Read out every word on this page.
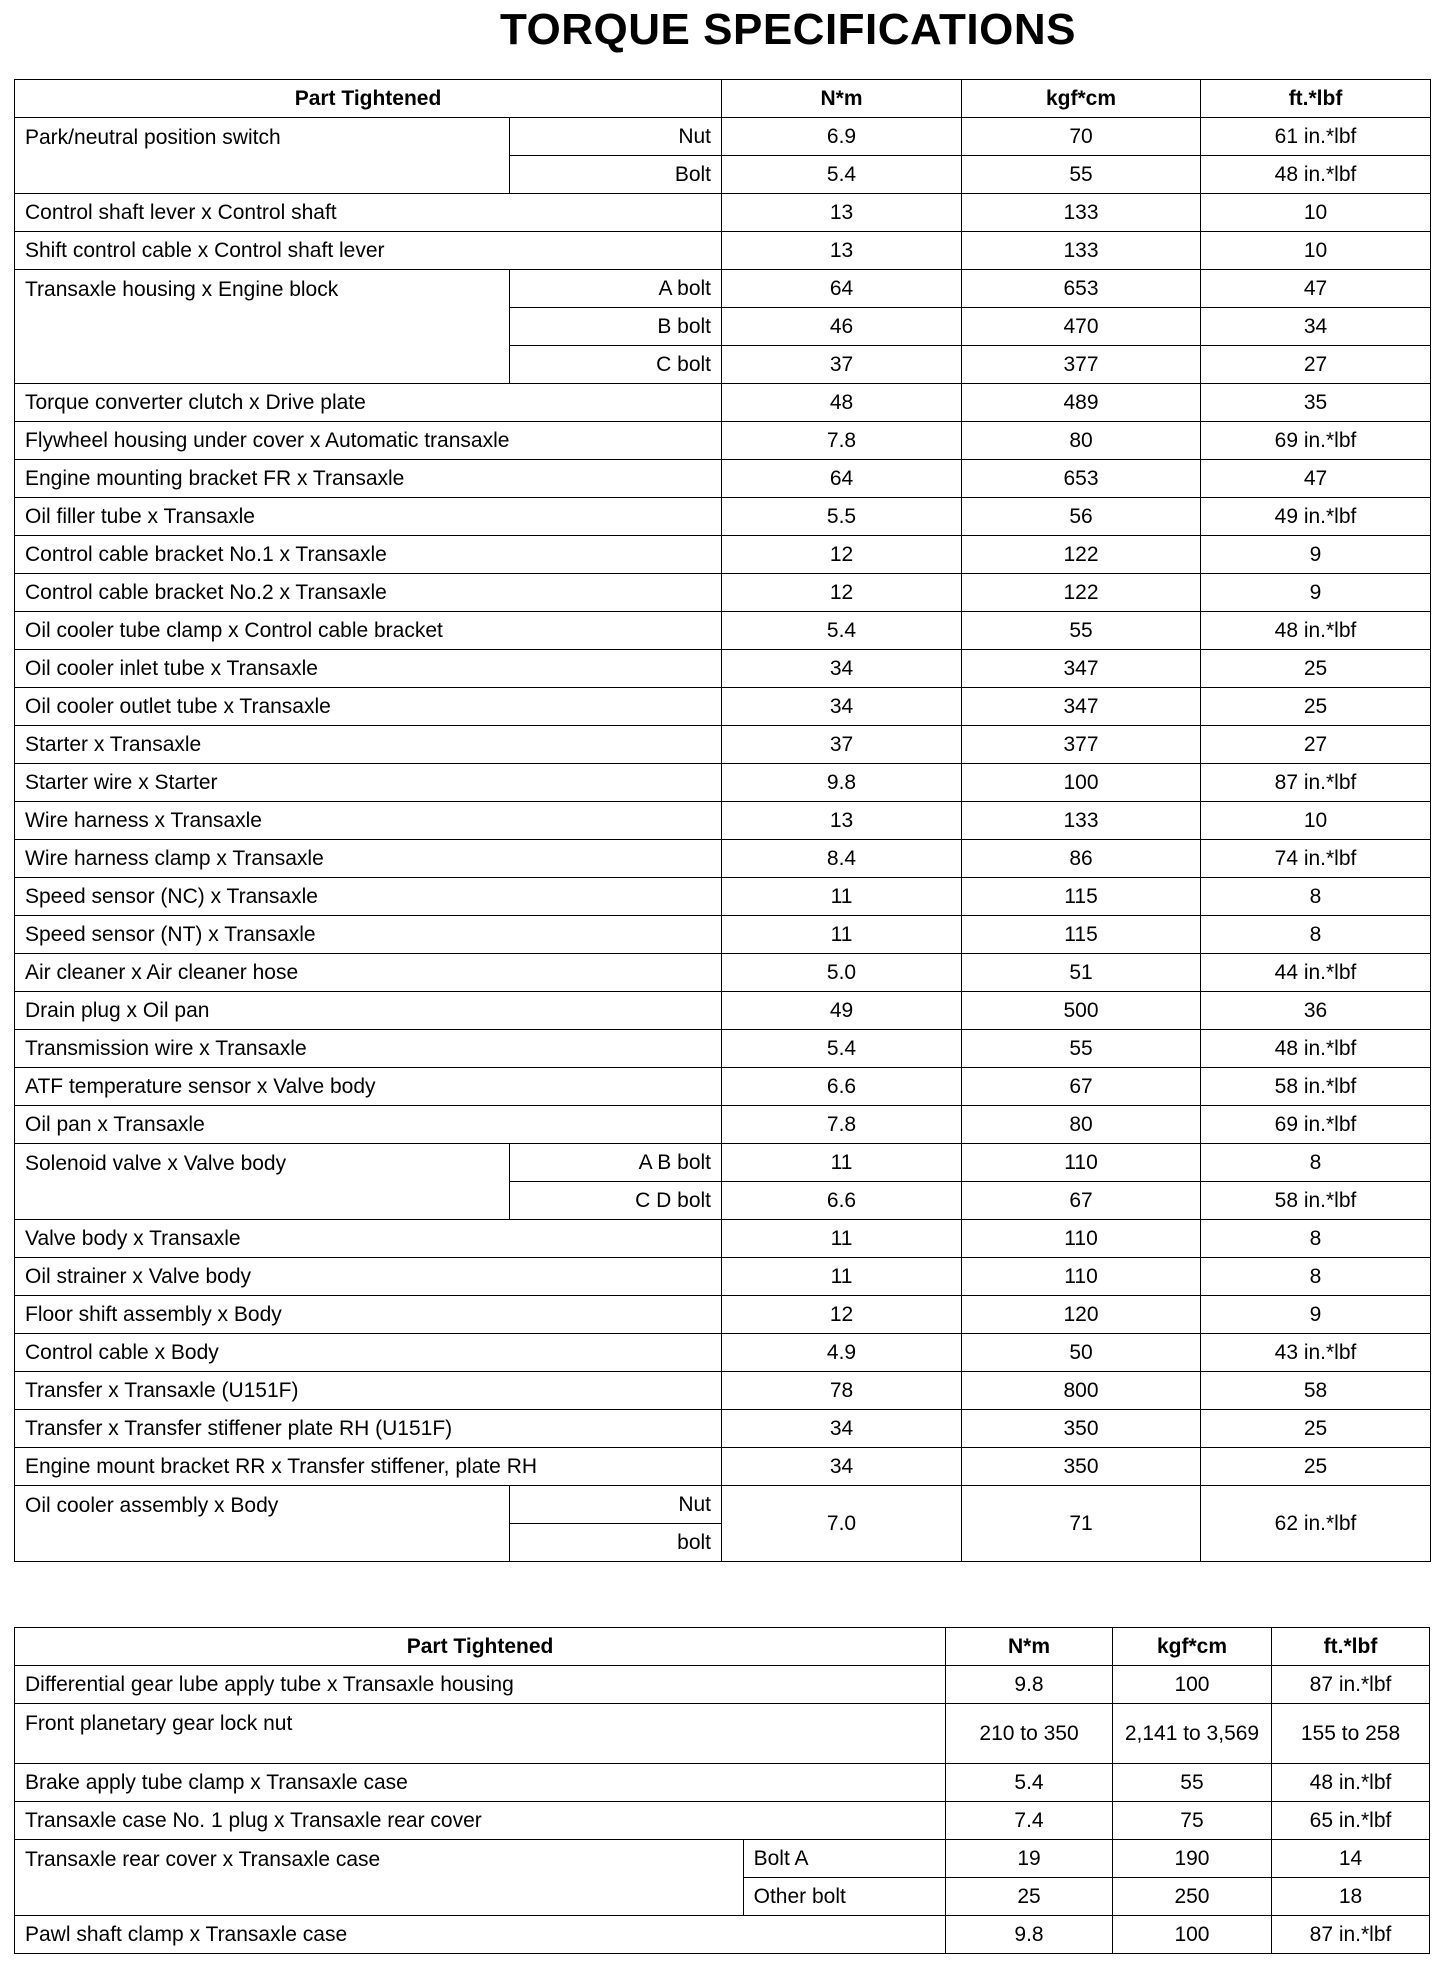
TORQUE SPECIFICATIONS
Part Tightened		N*m	kgf*cm	ft.*lbf
Park/neutral position switch	Nut	6.9	70	61 in.*lbf
	Bolt	5.4	55	48 in.*lbf
Control shaft lever x Control shaft		13	133	10
Shift control cable x Control shaft lever		13	133	10
Transaxle housing x Engine block	A bolt	64	653	47
	B bolt	46	470	34
	C bolt	37	377	27
Torque converter clutch x Drive plate		48	489	35
Flywheel housing under cover x Automatic transaxle		7.8	80	69 in.*lbf
Engine mounting bracket FR x Transaxle		64	653	47
Oil filler tube x Transaxle		5.5	56	49 in.*lbf
Control cable bracket No.1 x Transaxle		12	122	9
Control cable bracket No.2 x Transaxle		12	122	9
Oil cooler tube clamp x Control cable bracket		5.4	55	48 in.*lbf
Oil cooler inlet tube x Transaxle		34	347	25
Oil cooler outlet tube x Transaxle		34	347	25
Starter x Transaxle		37	377	27
Starter wire x Starter		9.8	100	87 in.*lbf
Wire harness x Transaxle		13	133	10
Wire harness clamp x Transaxle		8.4	86	74 in.*lbf
Speed sensor (NC) x Transaxle		11	115	8
Speed sensor (NT) x Transaxle		11	115	8
Air cleaner x Air cleaner hose		5.0	51	44 in.*lbf
Drain plug x Oil pan		49	500	36
Transmission wire x Transaxle		5.4	55	48 in.*lbf
ATF temperature sensor x Valve body		6.6	67	58 in.*lbf
Oil pan x Transaxle		7.8	80	69 in.*lbf
Solenoid valve x Valve body	A B bolt	11	110	8
	C D bolt	6.6	67	58 in.*lbf
Valve body x Transaxle		11	110	8
Oil strainer x Valve body		11	110	8
Floor shift assembly x Body		12	120	9
Control cable x Body		4.9	50	43 in.*lbf
Transfer x Transaxle (U151F)		78	800	58
Transfer x Transfer stiffener plate RH (U151F)		34	350	25
Engine mount bracket RR x Transfer stiffener, plate RH		34	350	25
Oil cooler assembly x Body	Nut	7.0	71	62 in.*lbf
	bolt			
Part Tightened		N*m	kgf*cm	ft.*lbf
Differential gear lube apply tube x Transaxle housing		9.8	100	87 in.*lbf
Front planetary gear lock nut		210 to 350	2,141 to 3,569	155 to 258
Brake apply tube clamp x Transaxle case		5.4	55	48 in.*lbf
Transaxle case No. 1 plug x Transaxle rear cover		7.4	75	65 in.*lbf
Transaxle rear cover x Transaxle case	Bolt A	19	190	14
	Other bolt	25	250	18
Pawl shaft clamp x Transaxle case		9.8	100	87 in.*lbf
